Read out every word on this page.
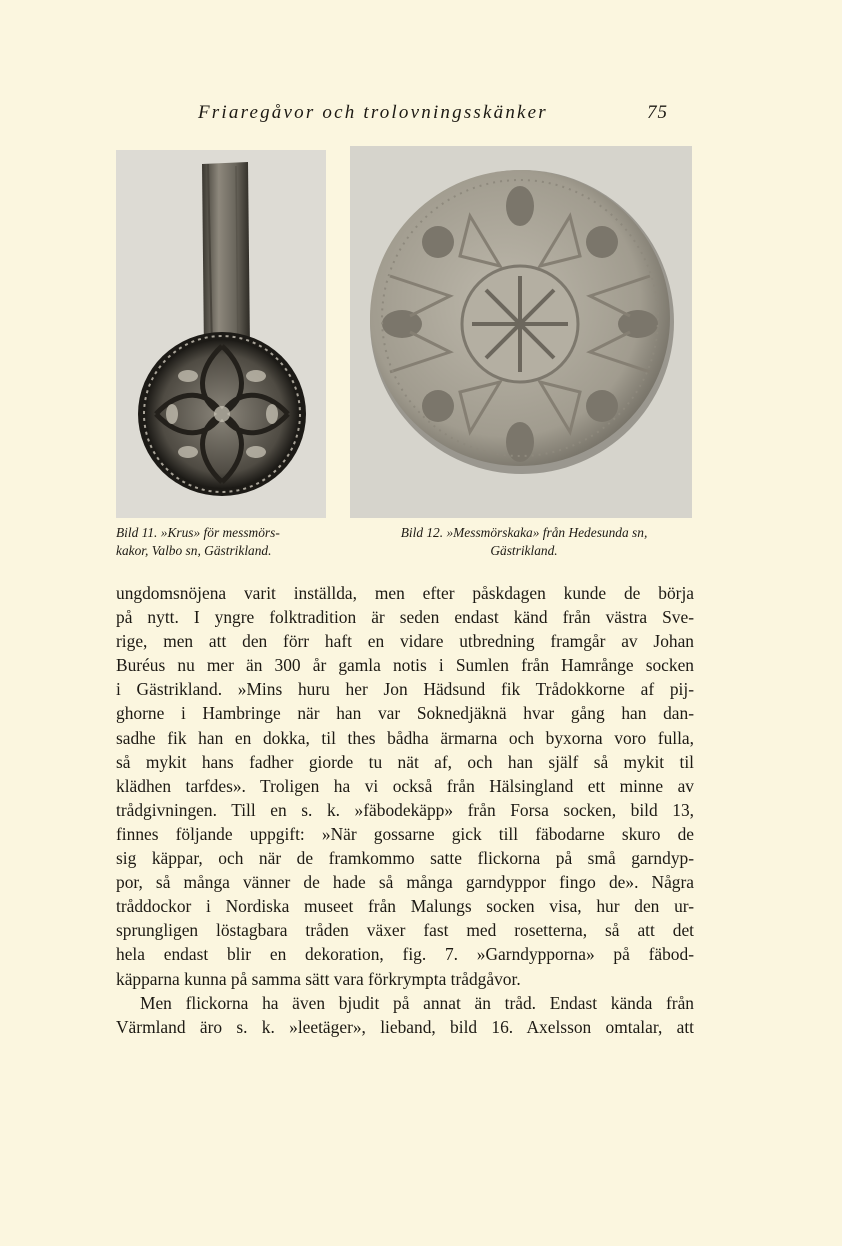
Friaregåvor och trolovningsskänker	75
Bild 11. »Krus» för messmörs-
kakor, Valbo sn, Gästrikland.
Bild 12. »Messmörskaka» från Hedesunda sn,
Gästrikland.
ungdomsnöjena varit inställda, men efter påskdagen kunde de börja
på nytt. I yngre folktradition är seden endast känd från västra Sve-
rige, men att den förr haft en vidare utbredning framgår av Johan
Buréus nu mer än 300 år gamla notis i Sumlen från Hamrånge socken
i Gästrikland. »Mins huru her Jon Hädsund fik Trådokkorne af pij-
ghorne i Hambringe när han var Soknedjäknä hvar gång han dan-
sadhe fik han en dokka, til thes bådha ärmarna och byxorna voro fulla,
så mykit hans fadher giorde tu nät af, och han själf så mykit til
klädhen tarfdes». Troligen ha vi också från Hälsingland ett minne av
trådgivningen. Till en s. k. »fäbodekäpp» från Forsa socken, bild 13,
finnes följande uppgift: »När gossarne gick till fäbodarne skuro de
sig käppar, och när de framkommo satte flickorna på små garndyp-
por, så många vänner de hade så många garndyppor fingo de». Några
tråddockor i Nordiska museet från Malungs socken visa, hur den ur-
sprungligen löstagbara tråden växer fast med rosetterna, så att det
hela endast blir en dekoration, fig. 7. »Garndypporna» på fäbod-
käpparna kunna på samma sätt vara förkrympta trådgåvor.
Men flickorna ha även bjudit på annat än tråd. Endast kända från
Värmland äro s. k. »leetäger», lieband, bild 16. Axelsson omtalar, att
